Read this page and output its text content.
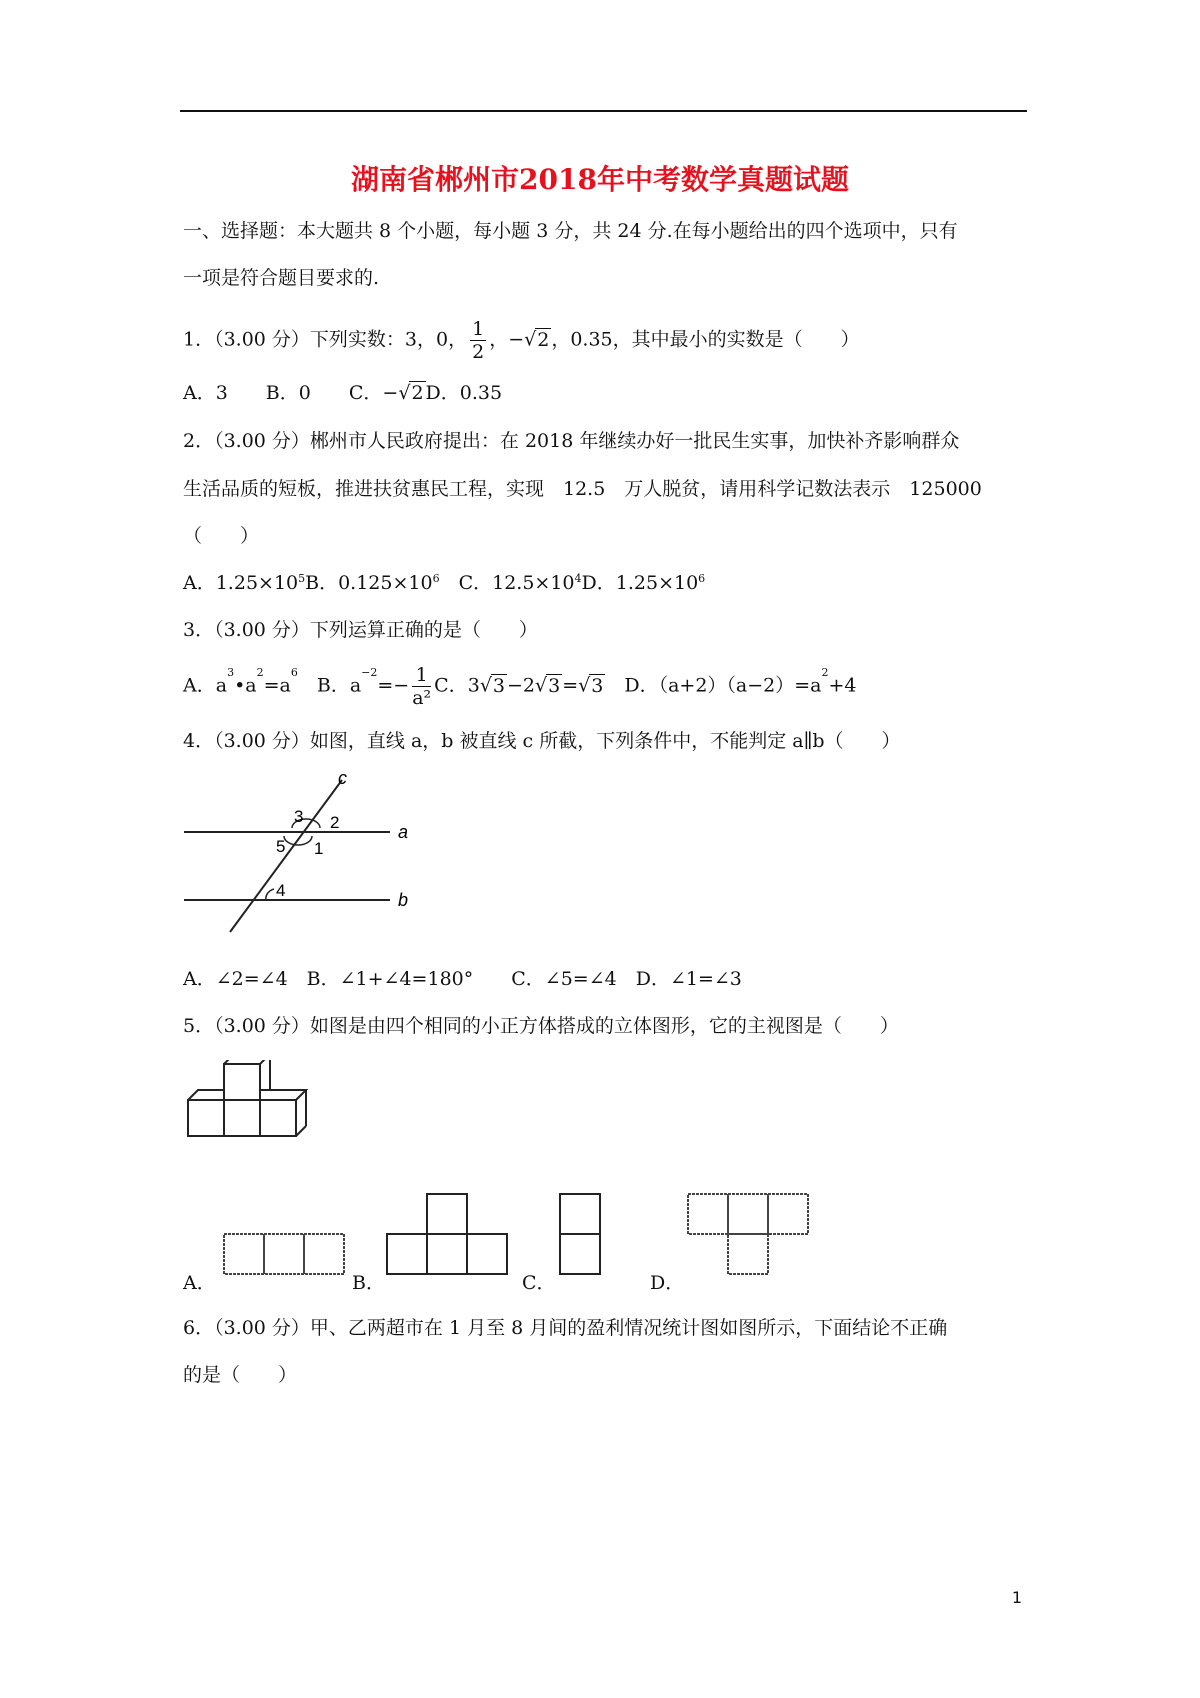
湖南省郴州市2018年中考数学真题试题
一、选择题：本大题共 8 个小题，每小题 3 分，共 24 分.在每小题给出的四个选项中，只有
一项是符合题目要求的.
1．（3.00 分）下列实数：3，0， $\frac{1}{2}$ ，−√2 ，0.35，其中最小的实数是（　　）
A．3　　B．0　　C．−√2 D．0.35
2．（3.00 分）郴州市人民政府提出：在 2018 年继续办好一批民生实事，加快补齐影响群众
生活品质的短板，推进扶贫惠民工程，实现　12.5　万人脱贫，请用科学记数法表示　125000
（　　）
A．$1.25\times 10^5B$．$0.125\times 10^6$　C．$12.5\times 10^4D$．$1.25\times 10^6$
3．（3.00 分）下列运算正确的是（　　）
A．$a^3•a^2=a^6$　B．$a^{-2}=- \frac{1}{\text{a²}}$ C．3√3 −2√3 =√3　D．$(a+2)(a-2)=a^2+4$
4．（3.00 分）如图，直线 a，b 被直线 c 所截，下列条件中，不能判定 a∥b（　　）
c
a
b
3 2
5 1
4
A．∠2=∠4　B．∠1+∠4=180°　　C．∠5=∠4　D．∠1=∠3
5．（3.00 分）如图是由四个相同的小正方体搭成的立体图形，它的主视图是（　　）
A．	B．	C．	D．
6．（3.00 分）甲、乙两超市在 1 月至 8 月间的盈利情况统计图如图所示，下面结论不正确
的是（　　）
1
